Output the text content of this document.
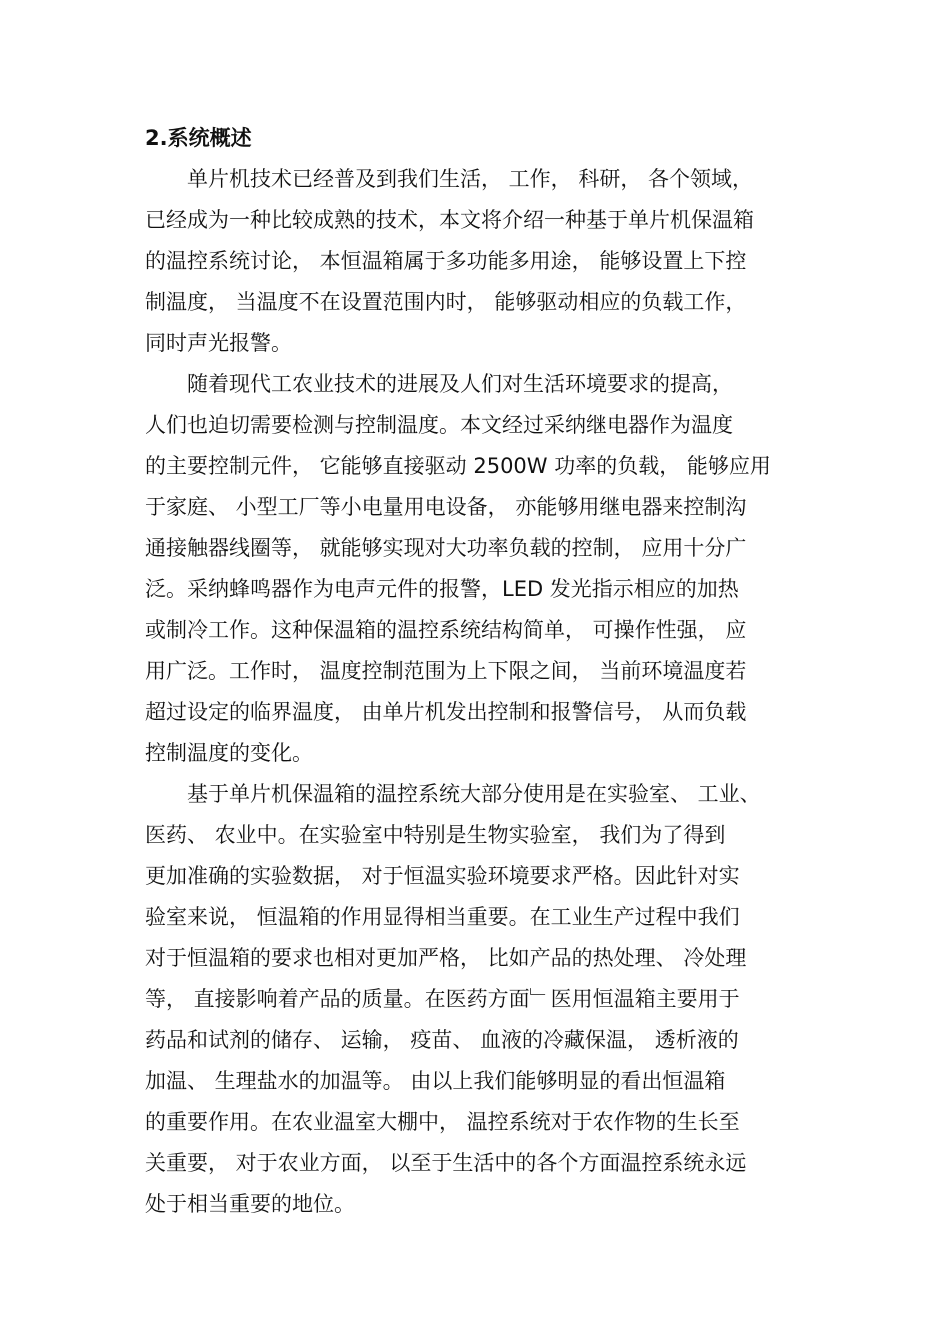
2.系统概述
　　单片机技术已经普及到我们生活， 工作， 科研， 各个领域，
已经成为一种比较成熟的技术，本文将介绍一种基于单片机保温箱
的温控系统讨论， 本恒温箱属于多功能多用途， 能够设置上下控
制温度， 当温度不在设置范围内时， 能够驱动相应的负载工作，
同时声光报警。
　　随着现代工农业技术的进展及人们对生活环境要求的提高，
人们也迫切需要检测与控制温度。本文经过采纳继电器作为温度
的主要控制元件， 它能够直接驱动 2500W 功率的负载， 能够应用
于家庭、 小型工厂等小电量用电设备， 亦能够用继电器来控制沟
通接触器线圈等， 就能够实现对大功率负载的控制， 应用十分广
泛。采纳蜂鸣器作为电声元件的报警，LED 发光指示相应的加热
或制冷工作。这种保温箱的温控系统结构简单， 可操作性强， 应
用广泛。工作时， 温度控制范围为上下限之间， 当前环境温度若
超过设定的临界温度， 由单片机发出控制和报警信号， 从而负载
控制温度的变化。
　　基于单片机保温箱的温控系统大部分使用是在实验室、 工业、
医药、 农业中。在实验室中特别是生物实验室， 我们为了得到
更加准确的实验数据， 对于恒温实验环境要求严格。因此针对实
验室来说， 恒温箱的作用显得相当重要。在工业生产过程中我们
对于恒温箱的要求也相对更加严格， 比如产品的热处理、 冷处理
等， 直接影响着产品的质量。在医药方面﹂医用恒温箱主要用于
药品和试剂的储存、 运输， 疫苗、 血液的冷藏保温， 透析液的
加温、 生理盐水的加温等。 由以上我们能够明显的看出恒温箱
的重要作用。在农业温室大棚中， 温控系统对于农作物的生长至
关重要， 对于农业方面， 以至于生活中的各个方面温控系统永远
处于相当重要的地位。
